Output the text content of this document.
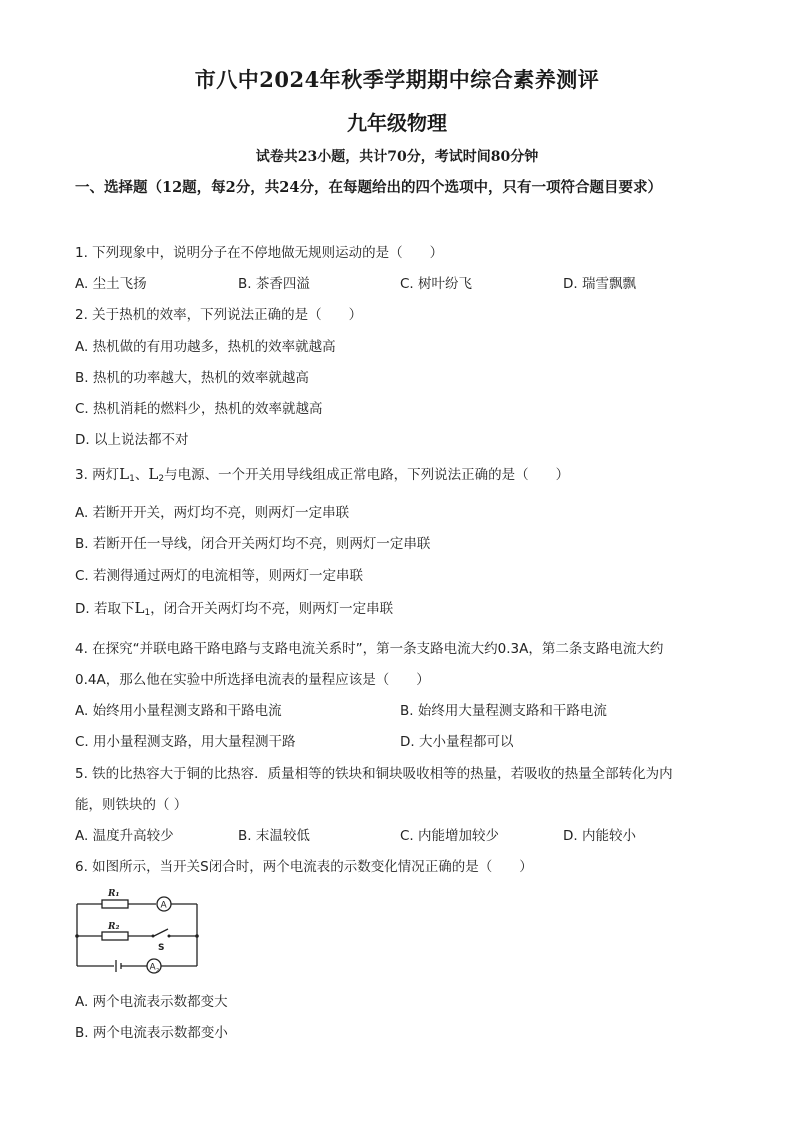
市八中2024年秋季学期期中综合素养测评
九年级物理
试卷共23小题，共计70分，考试时间80分钟
一、选择题（12题，每2分，共24分，在每题给出的四个选项中，只有一项符合题目要求）
1. 下列现象中，说明分子在不停地做无规则运动的是（　　）
A. 尘土飞扬	B. 茶香四溢	C. 树叶纷飞	D. 瑞雪飘飘
2. 关于热机的效率，下列说法正确的是（　　）
A. 热机做的有用功越多，热机的效率就越高
B. 热机的功率越大，热机的效率就越高
C. 热机消耗的燃料少，热机的效率就越高
D. 以上说法都不对
3. 两灯$L_1$、$L_2$与电源、一个开关用导线组成正常电路，下列说法正确的是（　　）
A. 若断开开关，两灯均不亮，则两灯一定串联
B. 若断开任一导线，闭合开关两灯均不亮，则两灯一定串联
C. 若测得通过两灯的电流相等，则两灯一定串联
D. 若取下$L_1$，闭合开关两灯均不亮，则两灯一定串联
4. 在探究“并联电路干路电路与支路电流关系时”，第一条支路电流大约0.3A，第二条支路电流大约
0.4A，那么他在实验中所选择电流表的量程应该是（　　）
A. 始终用小量程测支路和干路电流	B. 始终用大量程测支路和干路电流
C. 用小量程测支路，用大量程测干路	D. 大小量程都可以
5. 铁的比热容大于铜的比热容．质量相等的铁块和铜块吸收相等的热量，若吸收的热量全部转化为内
能，则铁块的（ ）
A. 温度升高较少	B. 末温较低	C. 内能增加较少	D. 内能较小
6. 如图所示，当开关S闭合时，两个电流表的示数变化情况正确的是（　　）
R₁
R₂
S
A
A 2
A. 两个电流表示数都变大
B. 两个电流表示数都变小
